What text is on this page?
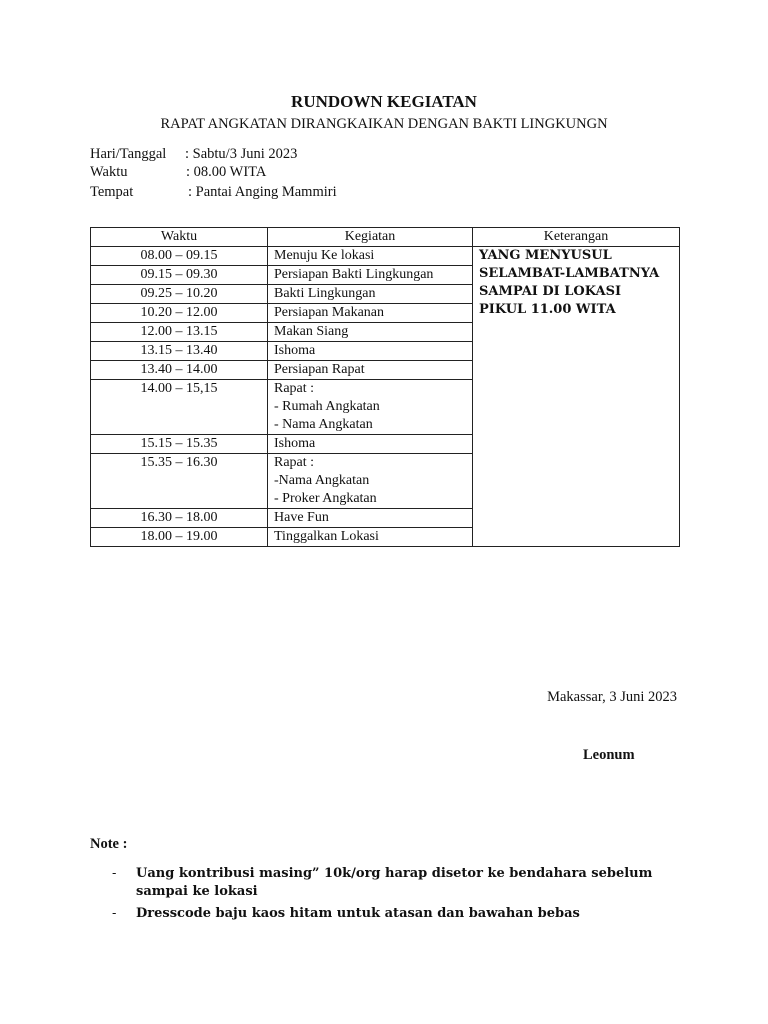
RUNDOWN KEGIATAN
RAPAT ANGKATAN DIRANGKAIKAN DENGAN BAKTI LINGKUNGN
Hari/Tanggal : Sabtu/3 Juni 2023
Waktu	: 08.00 WITA
Tempat	: Pantai Anging Mammiri
Waktu	Kegiatan	Keterangan
08.00 – 09.15	Menuju Ke lokasi	YANG MENYUSUL
SELAMBAT-LAMBATNYA
SAMPAI DI LOKASI
PIKUL 11.00 WITA

09.15 – 09.30	Persiapan Bakti Lingkungan	

09.25 – 10.20	Bakti Lingkungan	

10.20 – 12.00	Persiapan Makanan	

12.00 – 13.15	Makan Siang	

13.15 – 13.40	Ishoma	

13.40 – 14.00	Persiapan Rapat	

14.00 – 15,15	Rapat :
- Rumah Angkatan
- Nama Angkatan	

15.15 – 15.35	Ishoma	

15.35 – 16.30	Rapat :
-Nama Angkatan
- Proker Angkatan	

16.30 – 18.00	Have Fun	

18.00 – 19.00	Tinggalkan Lokasi	
Makassar, 3 Juni 2023
Leonum
Note :
- Uang kontribusi masing” 10k/org harap disetor ke bendahara sebelum sampai ke lokasi
- Dresscode baju kaos hitam untuk atasan dan bawahan bebas
